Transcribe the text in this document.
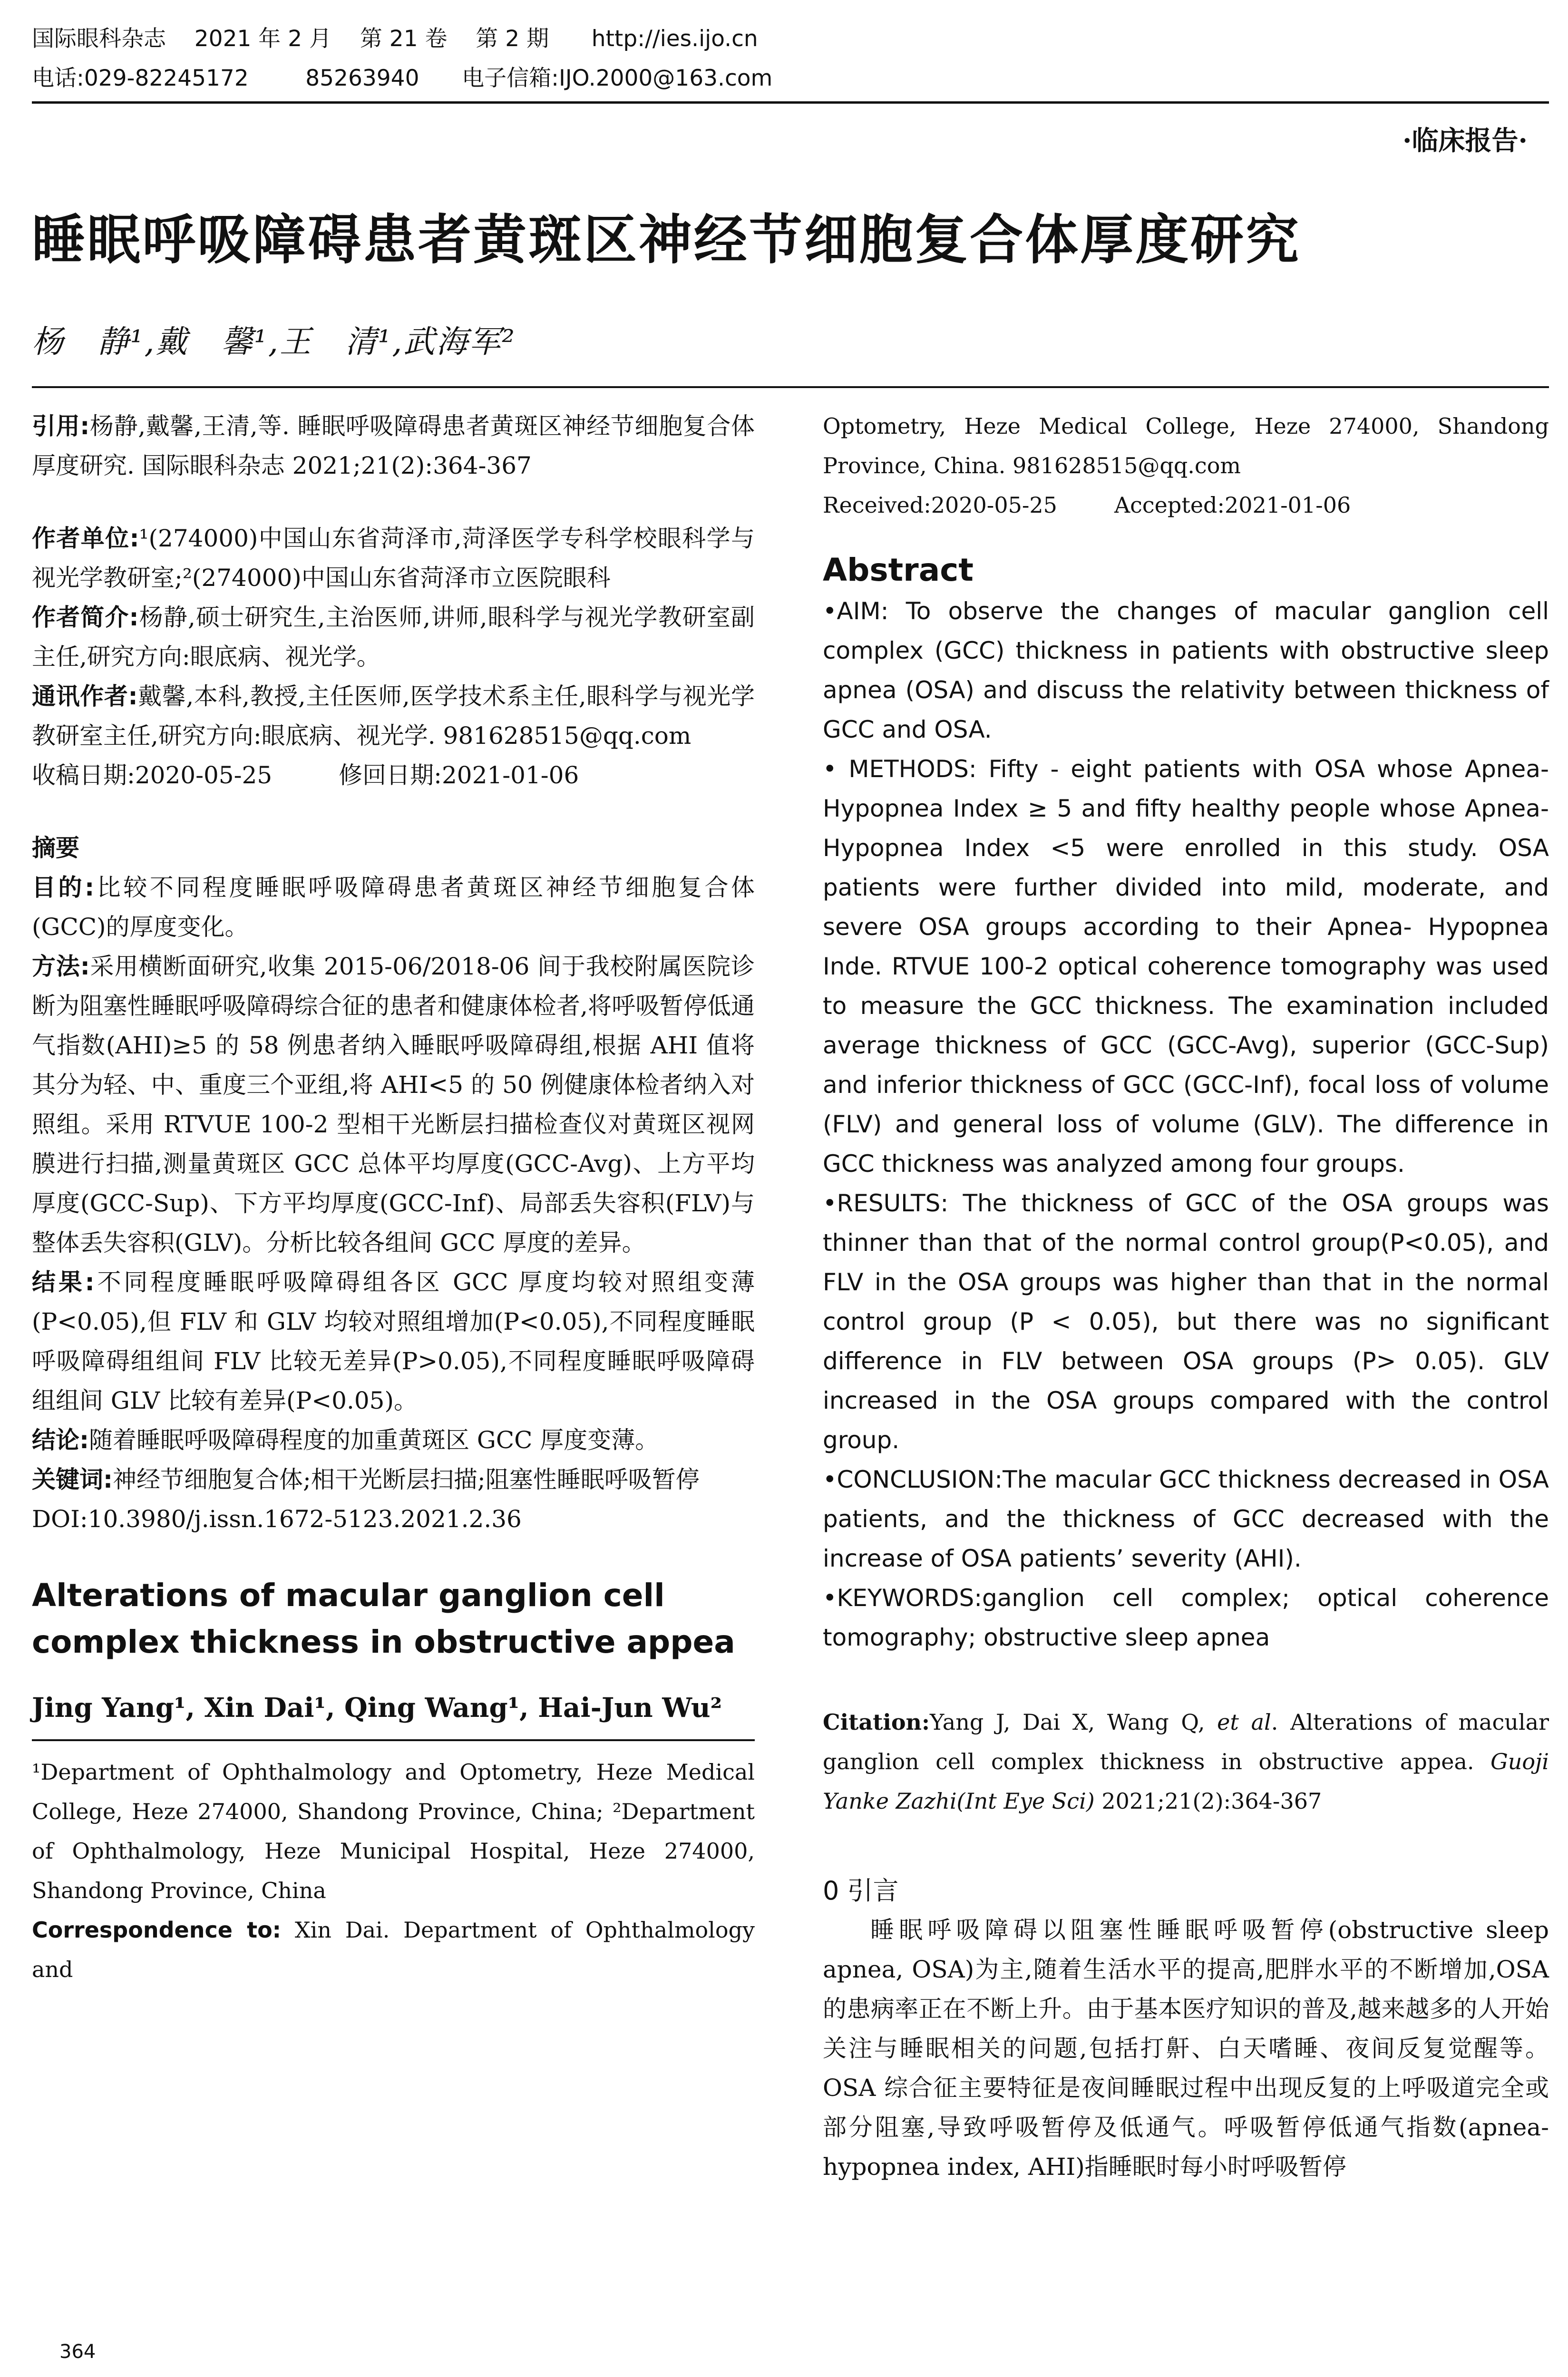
国际眼科杂志    2021 年 2 月    第 21 卷    第 2 期      http://ies.ijo.cn
电话:029-82245172        85263940      电子信箱:IJO.2000@163.com
·临床报告·
睡眠呼吸障碍患者黄斑区神经节细胞复合体厚度研究
杨　静¹,戴　馨¹,王　清¹,武海军²

引用:杨静,戴馨,王清,等. 睡眠呼吸障碍患者黄斑区神经节细胞复合体厚度研究. 国际眼科杂志 2021;21(2):364-367

作者单位:¹(274000)中国山东省菏泽市,菏泽医学专科学校眼科学与视光学教研室;²(274000)中国山东省菏泽市立医院眼科

作者简介:杨静,硕士研究生,主治医师,讲师,眼科学与视光学教研室副主任,研究方向:眼底病、视光学。

通讯作者:戴馨,本科,教授,主任医师,医学技术系主任,眼科学与视光学教研室主任,研究方向:眼底病、视光学. 981628515@qq.com

收稿日期:2020-05-25	修回日期:2021-01-06

摘要

目的:比较不同程度睡眠呼吸障碍患者黄斑区神经节细胞复合体(GCC)的厚度变化。

方法:采用横断面研究,收集 2015-06/2018-06 间于我校附属医院诊断为阻塞性睡眠呼吸障碍综合征的患者和健康体检者,将呼吸暂停低通气指数(AHI)≥5 的 58 例患者纳入睡眠呼吸障碍组,根据 AHI 值将其分为轻、中、重度三个亚组,将 AHI<5 的 50 例健康体检者纳入对照组。采用 RTVUE 100-2 型相干光断层扫描检查仪对黄斑区视网膜进行扫描,测量黄斑区 GCC 总体平均厚度(GCC-Avg)、上方平均厚度(GCC-Sup)、下方平均厚度(GCC-Inf)、局部丢失容积(FLV)与整体丢失容积(GLV)。分析比较各组间 GCC 厚度的差异。

结果:不同程度睡眠呼吸障碍组各区 GCC 厚度均较对照组变薄(P<0.05),但 FLV 和 GLV 均较对照组增加(P<0.05),不同程度睡眠呼吸障碍组组间 FLV 比较无差异(P>0.05),不同程度睡眠呼吸障碍组组间 GLV 比较有差异(P<0.05)。

结论:随着睡眠呼吸障碍程度的加重黄斑区 GCC 厚度变薄。

关键词:神经节细胞复合体;相干光断层扫描;阻塞性睡眠呼吸暂停

DOI:10.3980/j.issn.1672-5123.2021.2.36

Alterations of macular ganglion cell complex thickness in obstructive appea

Jing Yang¹, Xin Dai¹, Qing Wang¹, Hai-Jun Wu²

¹Department of Ophthalmology and Optometry, Heze Medical College, Heze 274000, Shandong Province, China; ²Department of Ophthalmology, Heze Municipal Hospital, Heze 274000, Shandong Province, China

Correspondence to: Xin Dai. Department of Ophthalmology and

364

Optometry, Heze Medical College, Heze 274000, Shandong Province, China. 981628515@qq.com

Received:2020-05-25	Accepted:2021-01-06

Abstract

•AIM: To observe the changes of macular ganglion cell complex (GCC) thickness in patients with obstructive sleep apnea (OSA) and discuss the relativity between thickness of GCC and OSA.

• METHODS: Fifty - eight patients with OSA whose Apnea- Hypopnea Index ≥ 5 and fifty healthy people whose Apnea-Hypopnea Index <5 were enrolled in this study. OSA patients were further divided into mild, moderate, and severe OSA groups according to their Apnea- Hypopnea Inde. RTVUE 100-2 optical coherence tomography was used to measure the GCC thickness. The examination included average thickness of GCC (GCC-Avg), superior (GCC-Sup) and inferior thickness of GCC (GCC-Inf), focal loss of volume (FLV) and general loss of volume (GLV). The difference in GCC thickness was analyzed among four groups.

•RESULTS: The thickness of GCC of the OSA groups was thinner than that of the normal control group(P<0.05), and FLV in the OSA groups was higher than that in the normal control group (P < 0.05), but there was no significant difference in FLV between OSA groups (P> 0.05). GLV increased in the OSA groups compared with the control group.

•CONCLUSION:The macular GCC thickness decreased in OSA patients, and the thickness of GCC decreased with the increase of OSA patients’ severity (AHI).

•KEYWORDS:ganglion cell complex; optical coherence tomography; obstructive sleep apnea

Citation:Yang J, Dai X, Wang Q, et al. Alterations of macular ganglion cell complex thickness in obstructive appea. Guoji Yanke Zazhi(Int Eye Sci) 2021;21(2):364-367

0 引言

睡眠呼吸障碍以阻塞性睡眠呼吸暂停(obstructive sleep apnea, OSA)为主,随着生活水平的提高,肥胖水平的不断增加,OSA 的患病率正在不断上升。由于基本医疗知识的普及,越来越多的人开始关注与睡眠相关的问题,包括打鼾、白天嗜睡、夜间反复觉醒等。OSA 综合征主要特征是夜间睡眠过程中出现反复的上呼吸道完全或部分阻塞,导致呼吸暂停及低通气。呼吸暂停低通气指数(apnea-hypopnea index, AHI)指睡眠时每小时呼吸暂停
